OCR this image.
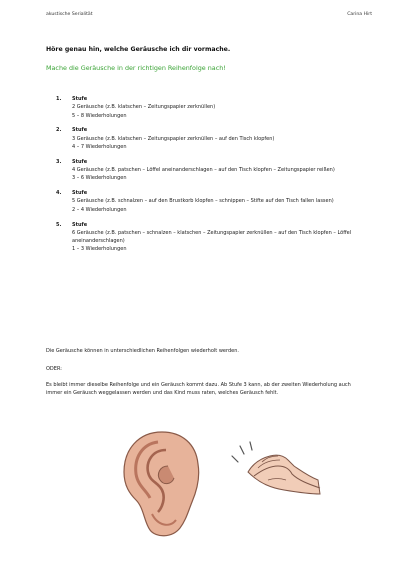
akustische Serialität	Carina Hirt
Höre genau hin, welche Geräusche ich dir vormache.
Mache die Geräusche in der richtigen Reihenfolge nach!
1. Stufe
2 Geräusche (z.B. klatschen – Zeitungspapier zerknüllen)
5 – 8 Wiederholungen
2. Stufe
3 Geräusche (z.B. klatschen – Zeitungspapier zerknüllen – auf den Tisch klopfen)
4 – 7 Wiederholungen
3. Stufe
4 Geräusche (z.B. patschen – Löffel aneinanderschlagen – auf den Tisch klopfen – Zeitungspapier reißen)
3 – 6 Wiederholungen
4. Stufe
5 Geräusche (z.B. schnalzen – auf den Brustkorb klopfen – schnippen – Stifte auf den Tisch fallen lassen)
2 – 4 Wiederholungen
5. Stufe
6 Geräusche (z.B. patschen – schnalzen – klatschen – Zeitungspapier zerknüllen – auf den Tisch klopfen – Löffel aneinanderschlagen)
1 – 3 Wiederholungen
Die Geräusche können in unterschiedlichen Reihenfolgen wiederholt werden.
ODER:
Es bleibt immer dieselbe Reihenfolge und ein Geräusch kommt dazu. Ab Stufe 3 kann, ab der zweiten Wiederholung auch immer ein Geräusch weggelassen werden und das Kind muss raten, welches Geräusch fehlt.
